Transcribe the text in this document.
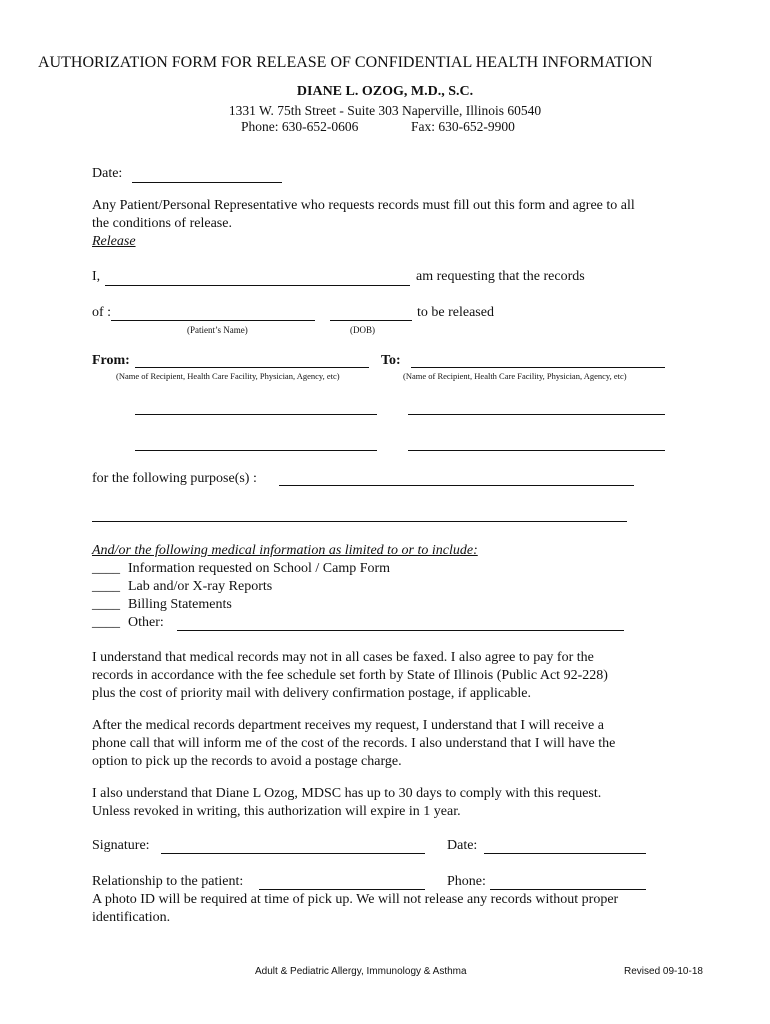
AUTHORIZATION FORM FOR RELEASE OF CONFIDENTIAL HEALTH INFORMATION
DIANE L. OZOG, M.D., S.C.
1331 W. 75th Street - Suite 303 Naperville, Illinois 60540
Phone: 630-652-0606	Fax: 630-652-9900
Date:
Any Patient/Personal Representative who requests records must fill out this form and agree to all
the conditions of release.
Release
I,	am requesting that the records
of :	to be released
(Patient’s Name)	(DOB)
From:	To:
(Name of Recipient, Health Care Facility, Physician, Agency, etc)	(Name of Recipient, Health Care Facility, Physician, Agency, etc)
for the following purpose(s) :
And/or the following medical information as limited to or to include:
____ Information requested on School / Camp Form
____ Lab and/or X-ray Reports
____ Billing Statements
____ Other:
I understand that medical records may not in all cases be faxed. I also agree to pay for the
records in accordance with the fee schedule set forth by State of Illinois (Public Act 92-228)
plus the cost of priority mail with delivery confirmation postage, if applicable.
After the medical records department receives my request, I understand that I will receive a
phone call that will inform me of the cost of the records. I also understand that I will have the
option to pick up the records to avoid a postage charge.
I also understand that Diane L Ozog, MDSC has up to 30 days to comply with this request.
Unless revoked in writing, this authorization will expire in 1 year.
Signature:	Date:
Relationship to the patient:	Phone:
A photo ID will be required at time of pick up. We will not release any records without proper
identification.
Adult & Pediatric Allergy, Immunology & Asthma	Revised 09-10-18
